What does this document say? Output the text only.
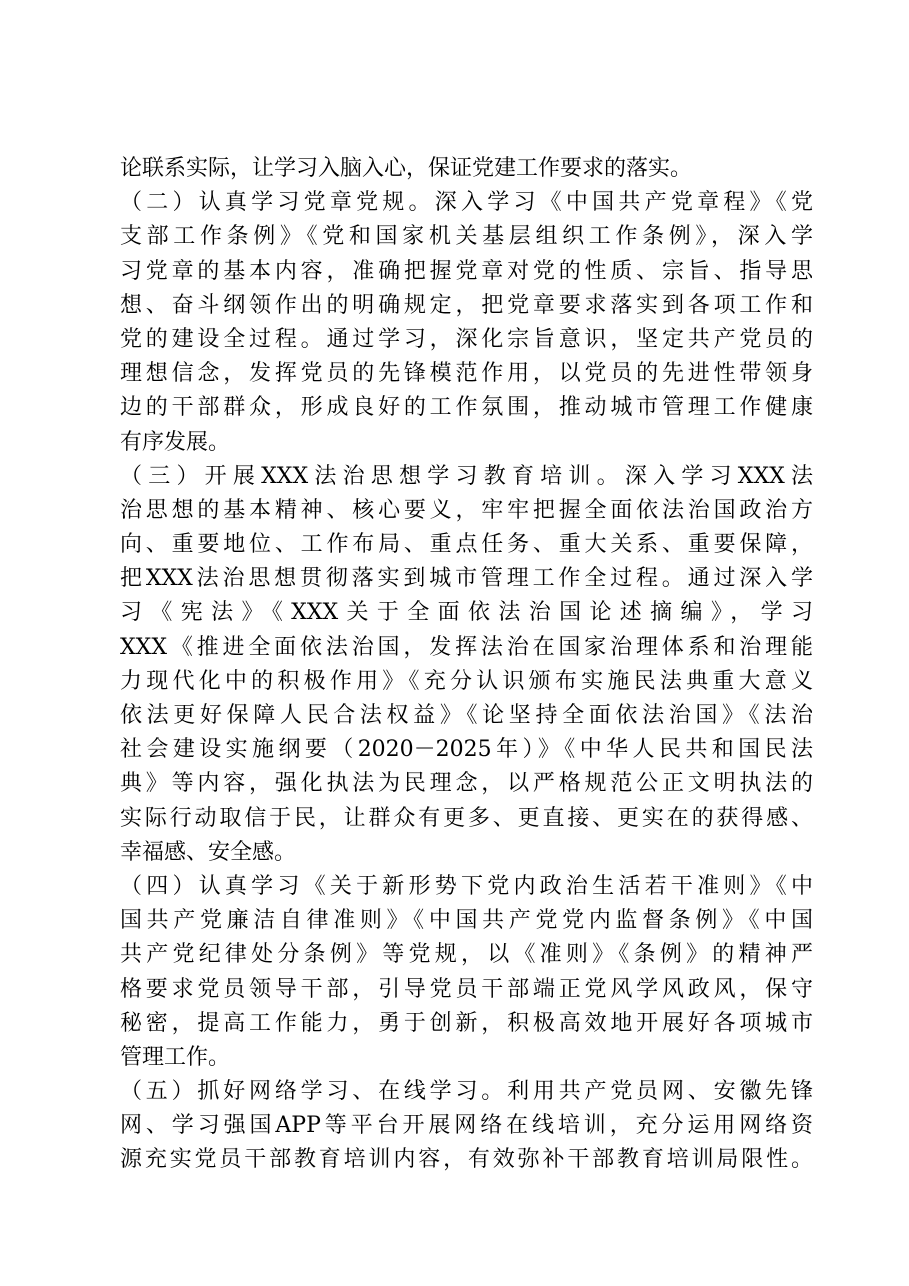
论联系实际，让学习入脑入心，保证党建工作要求的落实。
（二）认真学习党章党规。深入学习《中国共产党章程》《党
支部工作条例》《党和国家机关基层组织工作条例》，深入学
习党章的基本内容，准确把握党章对党的性质、宗旨、指导思
想、奋斗纲领作出的明确规定，把党章要求落实到各项工作和
党的建设全过程。通过学习，深化宗旨意识，坚定共产党员的
理想信念，发挥党员的先锋模范作用，以党员的先进性带领身
边的干部群众，形成良好的工作氛围，推动城市管理工作健康
有序发展。
（三）开展XXX法治思想学习教育培训。深入学习XXX法
治思想的基本精神、核心要义，牢牢把握全面依法治国政治方
向、重要地位、工作布局、重点任务、重大关系、重要保障，
把XXX法治思想贯彻落实到城市管理工作全过程。通过深入学
习《宪法》《XXX关于全面依法治国论述摘编》，学习
XXX《推进全面依法治国，发挥法治在国家治理体系和治理能
力现代化中的积极作用》《充分认识颁布实施民法典重大意义
依法更好保障人民合法权益》《论坚持全面依法治国》《法治
社会建设实施纲要（2020－2025年）》《中华人民共和国民法
典》等内容，强化执法为民理念，以严格规范公正文明执法的
实际行动取信于民，让群众有更多、更直接、更实在的获得感、
幸福感、安全感。
（四）认真学习《关于新形势下党内政治生活若干准则》《中
国共产党廉洁自律准则》《中国共产党党内监督条例》《中国
共产党纪律处分条例》等党规，以《准则》《条例》的精神严
格要求党员领导干部，引导党员干部端正党风学风政风，保守
秘密，提高工作能力，勇于创新，积极高效地开展好各项城市
管理工作。
（五）抓好网络学习、在线学习。利用共产党员网、安徽先锋
网、学习强国APP等平台开展网络在线培训，充分运用网络资
源充实党员干部教育培训内容，有效弥补干部教育培训局限性。
